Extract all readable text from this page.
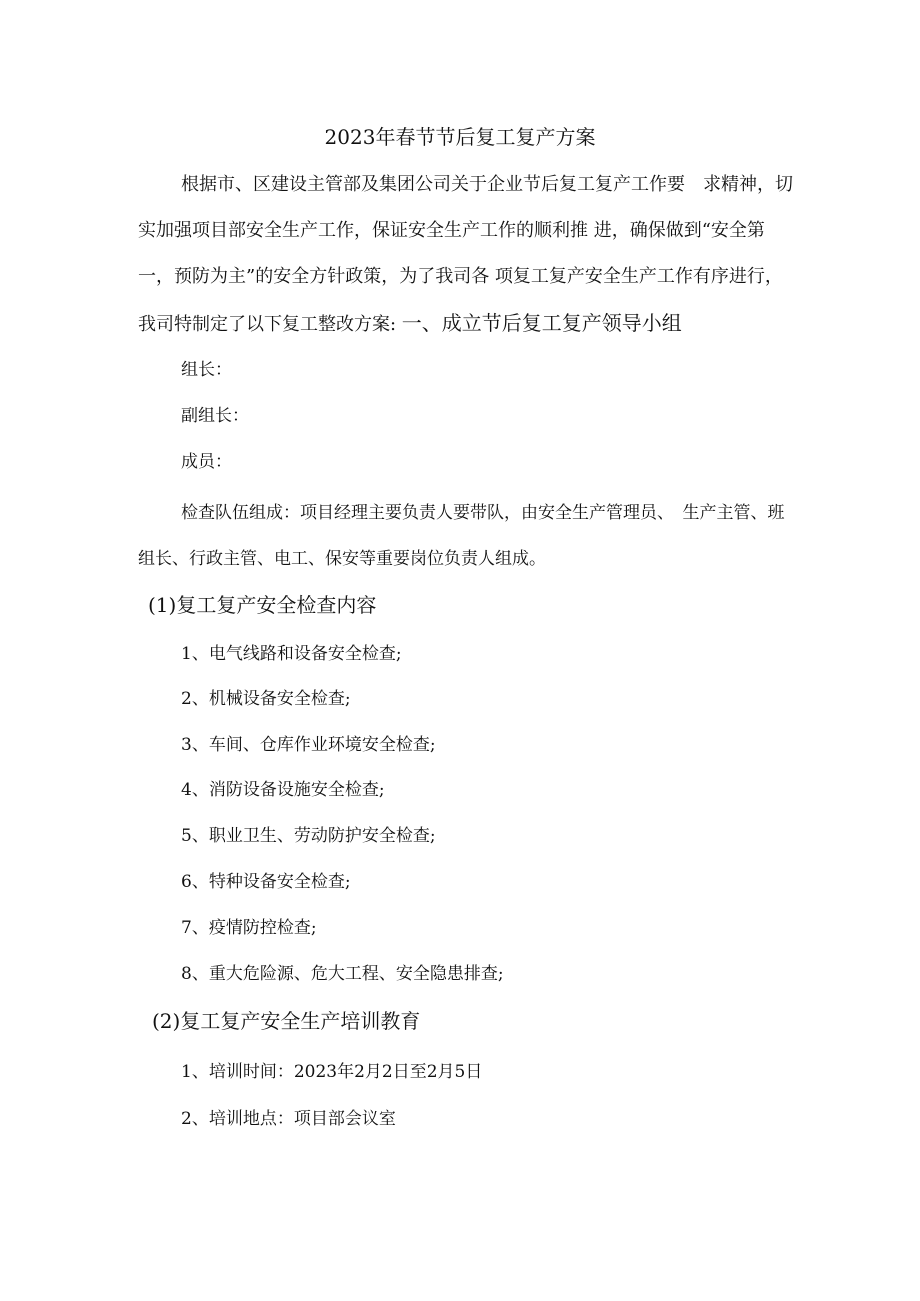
2023年春节节后复工复产方案

根据市、区建设主管部及集团公司关于企业节后复工复产工作要　求精神，切实加强项目部安全生产工作，保证安全生产工作的顺利推 进，确保做到“安全第一，预防为主”的安全方针政策，为了我司各 项复工复产安全生产工作有序进行，我司特制定了以下复工整改方案: 一、成立节后复工复产领导小组

组长：

副组长：

成员：

检查队伍组成：项目经理主要负责人要带队，由安全生产管理员、　生产主管、班组长、行政主管、电工、保安等重要岗位负责人组成。

(1)复工复产安全检查内容

1、电气线路和设备安全检查;

2、机械设备安全检查;

3、车间、仓库作业环境安全检查;

4、消防设备设施安全检查;

5、职业卫生、劳动防护安全检查;

6、特种设备安全检查;

7、疫情防控检查;

8、重大危险源、危大工程、安全隐患排查;

(2)复工复产安全生产培训教育

1、培训时间：2023年2月2日至2月5日

2、培训地点：项目部会议室
